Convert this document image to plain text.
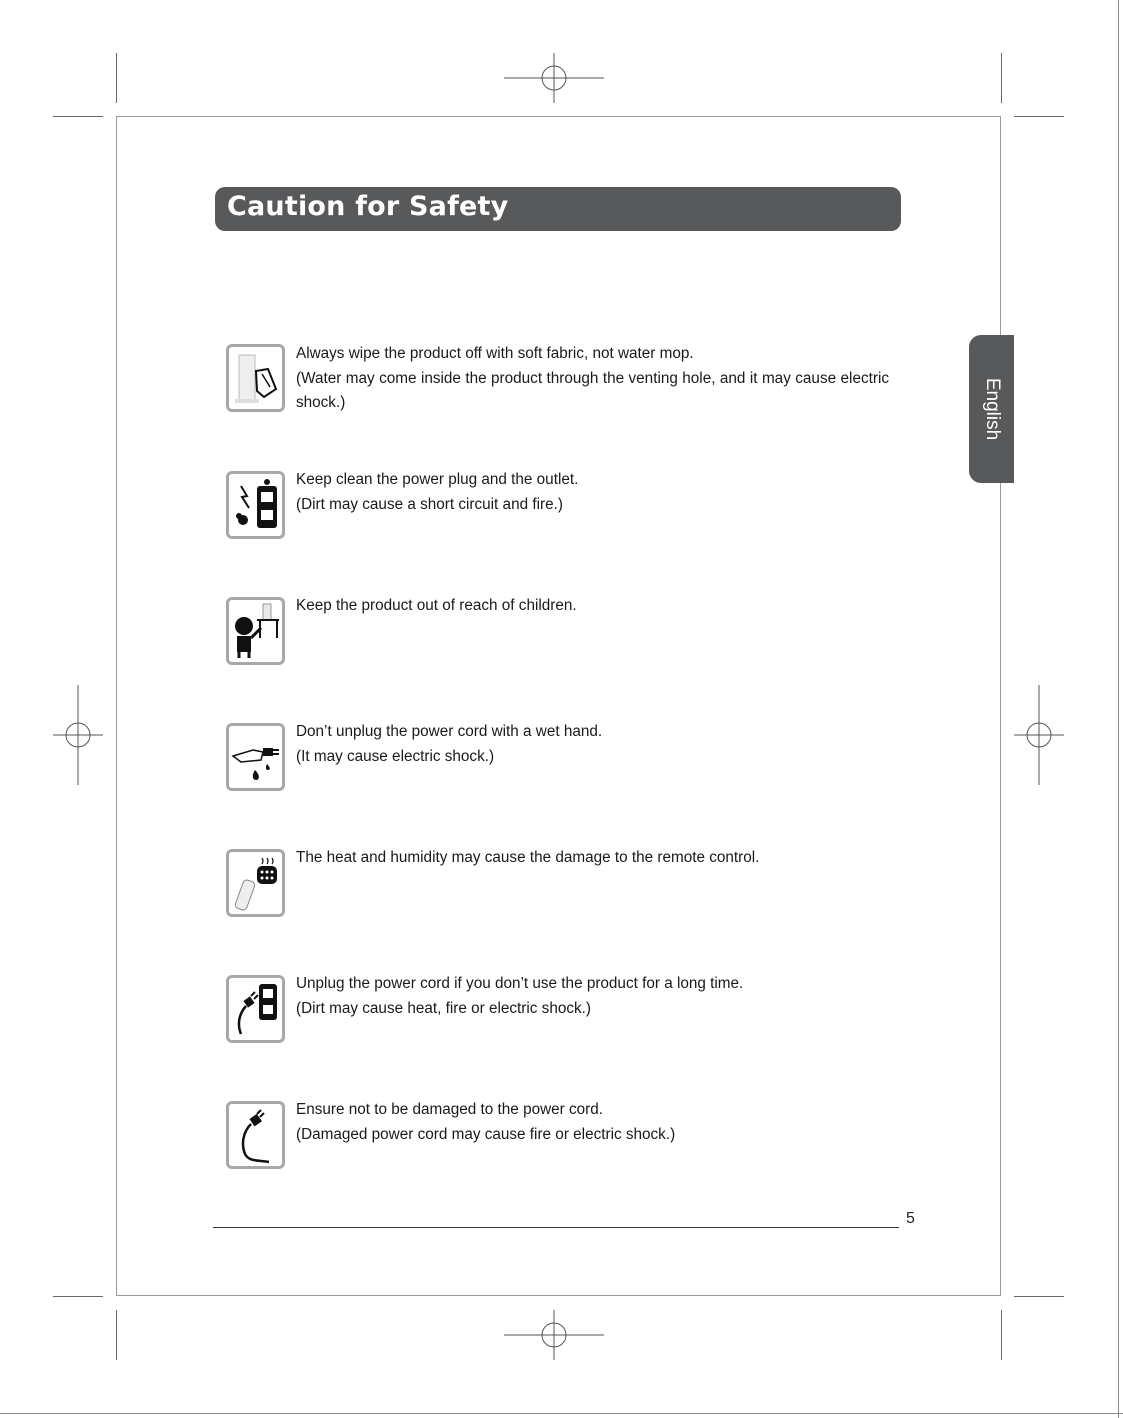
Caution for Safety
English

Always wipe the product off with soft fabric, not water mop.

(Water may come inside the product through the venting hole, and it may cause electric shock.)

Keep clean the power plug and the outlet.

(Dirt may cause a short circuit and fire.)

Keep the product out of reach of children.

Don’t unplug the power cord with a wet hand.

(It may cause electric shock.)

The heat and humidity may cause the damage to the remote control.

Unplug the power cord if you don’t use the product for a long time.

(Dirt may cause heat, fire or electric shock.)

Ensure not to be damaged to the power cord.

(Damaged power cord may cause fire or electric shock.)

5
